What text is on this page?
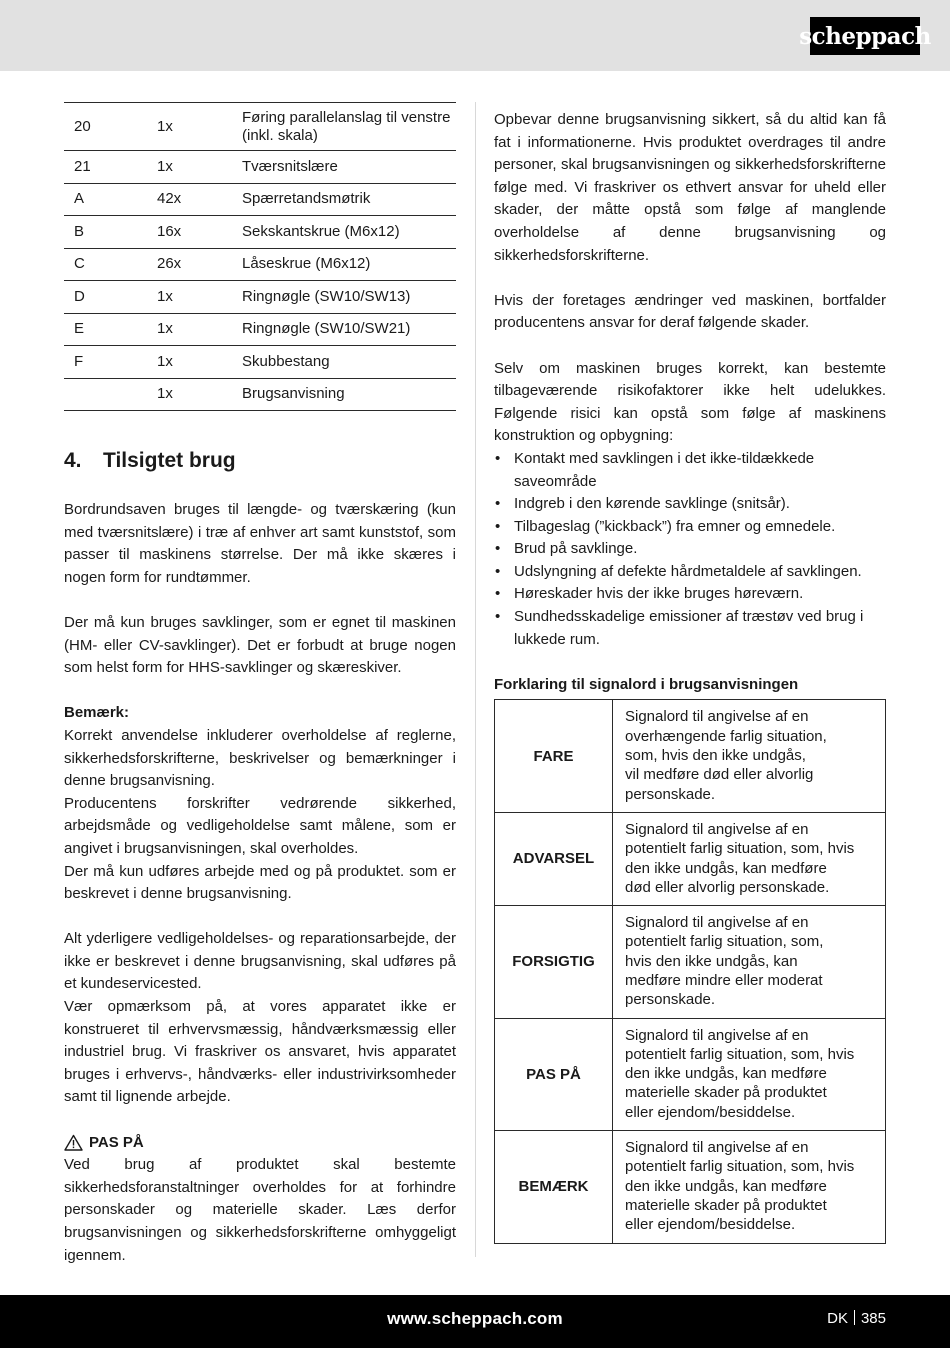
scheppach
20	1x	Føring parallelanslag til venstre (inkl. skala)
21	1x	Tværsnitslære
A	42x	Spærretandsmøtrik
B	16x	Sekskantskrue (M6x12)
C	26x	Låseskrue (M6x12)
D	1x	Ringnøgle (SW10/SW13)
E	1x	Ringnøgle (SW10/SW21)
F	1x	Skubbestang
	1x	Brugsanvisning
4. Tilsigtet brug

Bordrundsaven bruges til længde- og tværskæring (kun med tværsnitslære) i træ af enhver art samt kunststof, som passer til maskinens størrelse. Der må ikke skæres i nogen form for rundtømmer.

Der må kun bruges savklinger, som er egnet til maskinen (HM- eller CV-savklinger). Det er forbudt at bruge nogen som helst form for HHS-savklinger og skæreskiver.

Bemærk:

Korrekt anvendelse inkluderer overholdelse af reglerne, sikkerhedsforskrifterne, beskrivelser og bemærkninger i denne brugsanvisning.

Producentens forskrifter vedrørende sikkerhed, arbejdsmåde og vedligeholdelse samt målene, som er angivet i brugsanvisningen, skal overholdes.

Der må kun udføres arbejde med og på produktet. som er beskrevet i denne brugsanvisning.

Alt yderligere vedligeholdelses- og reparationsarbejde, der ikke er beskrevet i denne brugsanvisning, skal udføres på et kundeservicested.

Vær opmærksom på, at vores apparatet ikke er konstrueret til erhvervsmæssig, håndværksmæssig eller industriel brug. Vi fraskriver os ansvaret, hvis apparatet bruges i erhvervs-, håndværks- eller industrivirksomheder samt til lignende arbejde.

PAS PÅ

Ved brug af produktet skal bestemte sikkerhedsforanstaltninger overholdes for at forhindre personskader og materielle skader. Læs derfor brugsanvisningen og sikkerhedsforskrifterne omhyggeligt igennem.

Opbevar denne brugsanvisning sikkert, så du altid kan få fat i informationerne. Hvis produktet overdrages til andre personer, skal brugsanvisningen og sikkerhedsforskrifterne følge med. Vi fraskriver os ethvert ansvar for uheld eller skader, der måtte opstå som følge af manglende overholdelse af denne brugsanvisning og sikkerhedsforskrifterne.

Hvis der foretages ændringer ved maskinen, bortfalder producentens ansvar for deraf følgende skader.

Selv om maskinen bruges korrekt, kan bestemte tilbageværende risikofaktorer ikke helt udelukkes. Følgende risici kan opstå som følge af maskinens konstruktion og opbygning:

• Kontakt med savklingen i det ikke-tildækkede saveområde
• Indgreb i den kørende savklinge (snitsår).
• Tilbageslag (”kickback”) fra emner og emnedele.
• Brud på savklinge.
• Udslyngning af defekte hårdmetaldele af savklingen.
• Høreskader hvis der ikke bruges høreværn.
• Sundhedsskadelige emissioner af træstøv ved brug i lukkede rum.
Forklaring til signalord i brugsanvisningen
FARE	Signalord til angivelse af en
overhængende farlig situation,
som, hvis den ikke undgås,
vil medføre død eller alvorlig
personskade.

ADVARSEL	Signalord til angivelse af en
potentielt farlig situation, som, hvis
den ikke undgås, kan medføre
død eller alvorlig personskade.

FORSIGTIG	Signalord til angivelse af en
potentielt farlig situation, som,
hvis den ikke undgås, kan
medføre mindre eller moderat
personskade.

PAS PÅ	Signalord til angivelse af en
potentielt farlig situation, som, hvis
den ikke undgås, kan medføre
materielle skader på produktet
eller ejendom/besiddelse.

BEMÆRK	Signalord til angivelse af en
potentielt farlig situation, som, hvis
den ikke undgås, kan medføre
materielle skader på produktet
eller ejendom/besiddelse.
www.scheppach.com	DK 385
